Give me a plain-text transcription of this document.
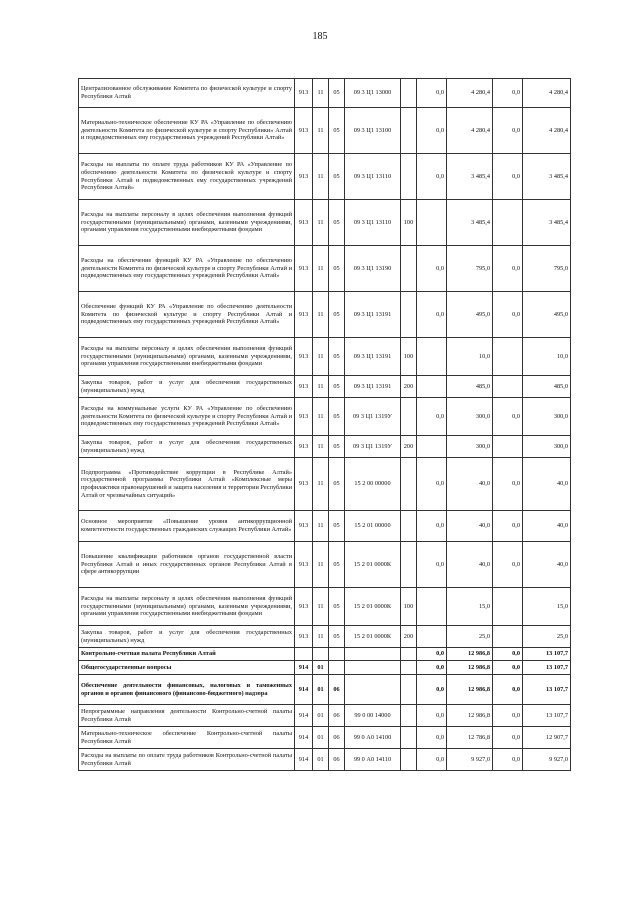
185
Централизованное обслуживание Комитета по физической культуре и спорту Республики Алтай	913	11	05	09 3 Ц1 13000		0,0	4 280,4	0,0	4 280,4
Материально-техническое обеспечение КУ РА «Управление по обеспечению деятельности Комитета по физической культуре и спорту Республики» Алтай и подведомственных ему государственных учреждений Республики Алтай»	913	11	05	09 3 Ц1 13100		0,0	4 280,4	0,0	4 280,4
Расходы на выплаты по оплате труда работников КУ РА «Управление по обеспечению деятельности Комитета по физической культуре и спорту Республики Алтай и подведомственных ему государственных учреждений Республики Алтай»	913	11	05	09 3 Ц1 13110		0,0	3 485,4	0,0	3 485,4
Расходы на выплаты персоналу в целях обеспечения выполнения функций государственными (муниципальными) органами, казенными учреждениями, органами управления государственными внебюджетными фондами	913	11	05	09 3 Ц1 13110	100		3 485,4		3 485,4
Расходы на обеспечение функций КУ РА «Управление по обеспечению деятельности Комитета по физической культуре и спорту Республики Алтай и подведомственных ему государственных учреждений Республики Алтай»	913	11	05	09 3 Ц1 13190		0,0	795,0	0,0	795,0
Обеспечение функций КУ РА «Управление по обеспечению деятельности Комитета по физической культуре и спорту Республики Алтай и подведомственных ему государственных учреждений Республики Алтай»	913	11	05	09 3 Ц1 13191		0,0	495,0	0,0	495,0
Расходы на выплаты персоналу в целях обеспечения выполнения функций государственными (муниципальными) органами, казенными учреждениями, органами управления государственными внебюджетными фондами	913	11	05	09 3 Ц1 13191	100		10,0		10,0
Закупка товаров, работ и услуг для обеспечения государственных (муниципальных) нужд	913	11	05	09 3 Ц1 13191	200		485,0		485,0
Расходы на коммунальные услуги КУ РА «Управление по обеспечению деятельности Комитета по физической культуре и спорту Республики Алтай и подведомственных ему государственных учреждений Республики Алтай»	913	11	05	09 3 Ц1 1319У		0,0	300,0	0,0	300,0
Закупка товаров, работ и услуг для обеспечения государственных (муниципальных) нужд	913	11	05	09 3 Ц1 1319У	200		300,0		300,0
Подпрограмма «Противодействие коррупции в Республике Алтай» государственной программы Республики Алтай «Комплексные меры профилактики правонарушений и защита населения и территории Республики Алтай от чрезвычайных ситуаций»	913	11	05	15 2 00 00000		0,0	40,0	0,0	40,0
Основное мероприятие «Повышение уровня антикоррупционной компетентности государственных гражданских служащих Республики Алтай»	913	11	05	15 2 01 00000		0,0	40,0	0,0	40,0
Повышение квалификации работников органов государственной власти Республики Алтай и иных государственных органов Республики Алтай в сфере антикоррупции	913	11	05	15 2 01 0000К		0,0	40,0	0,0	40,0
Расходы на выплаты персоналу в целях обеспечения выполнения функций государственными (муниципальными) органами, казенными учреждениями, органами управления государственными внебюджетными фондами	913	11	05	15 2 01 0000К	100		15,0		15,0
Закупка товаров, работ и услуг для обеспечения государственных (муниципальных) нужд	913	11	05	15 2 01 0000К	200		25,0		25,0
Контрольно-счетная палата Республики Алтай						0,0	12 986,8	0,0	13 107,7
Общегосударственные вопросы	914	01				0,0	12 986,8	0,0	13 107,7
Обеспечение деятельности финансовых, налоговых и таможенных органов и органов финансового (финансово-бюджетного) надзора	914	01	06			0,0	12 986,8	0,0	13 107,7
Непрограммные направления деятельности Контрольно-счетной палаты Республики Алтай	914	01	06	99 0 00 14000		0,0	12 986,8	0,0	13 107,7
Материально-техническое обеспечение Контрольно-счетной палаты Республики Алтай	914	01	06	99 0 А0 14100		0,0	12 786,8	0,0	12 907,7
Расходы на выплаты по оплате труда работников Контрольно-счетной палаты Республики Алтай	914	01	06	99 0 А0 14110		0,0	9 927,0	0,0	9 927,0
